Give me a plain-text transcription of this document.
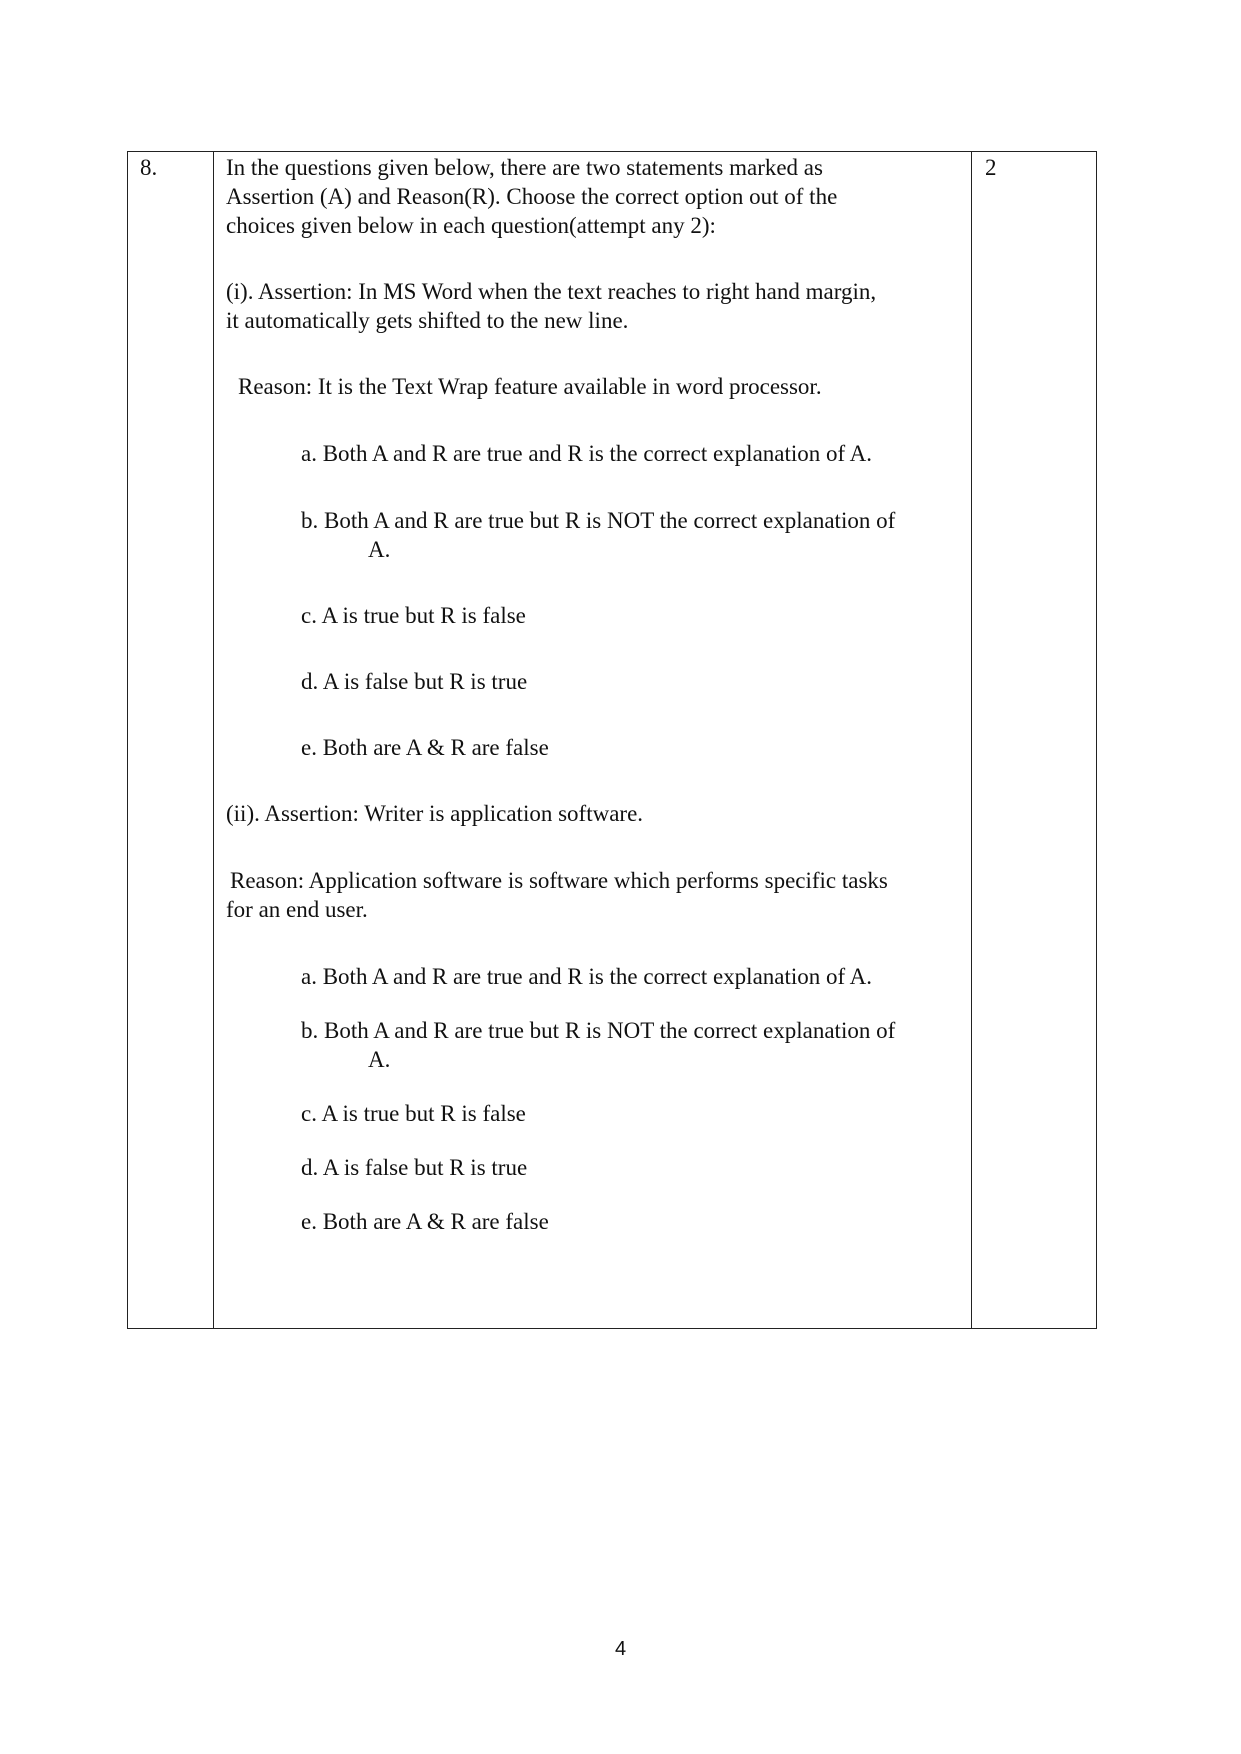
8.	2
In the questions given below, there are two statements marked as
Assertion (A) and Reason(R). Choose the correct option out of the
choices given below in each question(attempt any 2):
(i). Assertion: In MS Word when the text reaches to right hand margin,
it automatically gets shifted to the new line.
Reason: It is the Text Wrap feature available in word processor.
a. Both A and R are true and R is the correct explanation of A.
b. Both A and R are true but R is NOT the correct explanation of
A.
c. A is true but R is false
d. A is false but R is true
e. Both are A & R are false
(ii). Assertion: Writer is application software.
Reason: Application software is software which performs specific tasks
for an end user.
a. Both A and R are true and R is the correct explanation of A.
b. Both A and R are true but R is NOT the correct explanation of
A.
c. A is true but R is false
d. A is false but R is true
e. Both are A & R are false
4
